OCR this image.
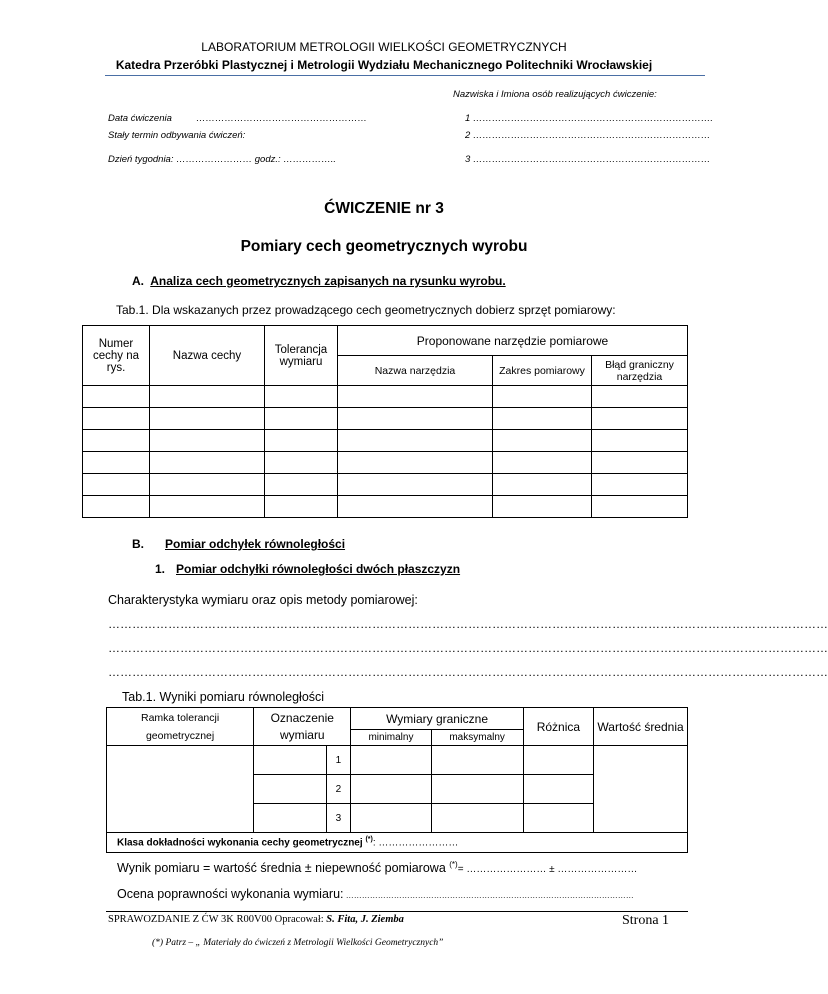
LABORATORIUM METROLOGII WIELKOŚCI GEOMETRYCZNYCH
Katedra Przeróbki Plastycznej i Metrologii Wydziału Mechanicznego Politechniki Wrocławskiej
Nazwiska i Imiona osób realizujących ćwiczenie:
Data ćwiczenia	………………………………………………
Stały termin odbywania ćwiczeń:
Dzień tygodnia: …………………… godz.: ……………..
1 ………………………………………………………………….
2 …………………………………………………………………
3 …………………………………………………………………
ĆWICZENIE nr 3
Pomiary cech geometrycznych wyrobu
A. Analiza cech geometrycznych zapisanych na rysunku wyrobu.
Tab.1. Dla wskazanych przez prowadzącego cech geometrycznych dobierz sprzęt pomiarowy:
Numer cechy na rys.	Nazwa cechy	Tolerancja wymiaru	Proponowane narzędzie pomiarowe		
			Nazwa narzędzia	Zakres pomiarowy	Błąd graniczny narzędzia

B. Pomiar odchyłek równoległości
1. Pomiar odchyłki równoległości dwóch płaszczyzn
Charakterystyka wymiaru oraz opis metody pomiarowej:
………………………………………………………………………………………………………………………………………………………………
………………………………………………………………………………………………………………………………………………………………
………………………………………………………………………………………………………………………………………………………………
Tab.1. Wyniki pomiaru równoległości
Ramka tolerancji geometrycznej	Oznaczenie wymiaru		Wymiary graniczne		Różnica	Wartość średnia
			minimalny	maksymalny		
		1				
		2				
		3				
Klasa dokładności wykonania cechy geometrycznej (*): ……………………						
Wynik pomiaru = wartość średnia ± niepewność pomiarowa (*)= …………………… ± ……………………
Ocena poprawności wykonania wymiaru: ………………………………………………………………………………………………
SPRAWOZDANIE Z ĆW 3K R00V00 Opracował: S. Fita, J. Ziemba	Strona 1
(*) Patrz – „ Materiały do ćwiczeń z Metrologii Wielkości Geometrycznych”
